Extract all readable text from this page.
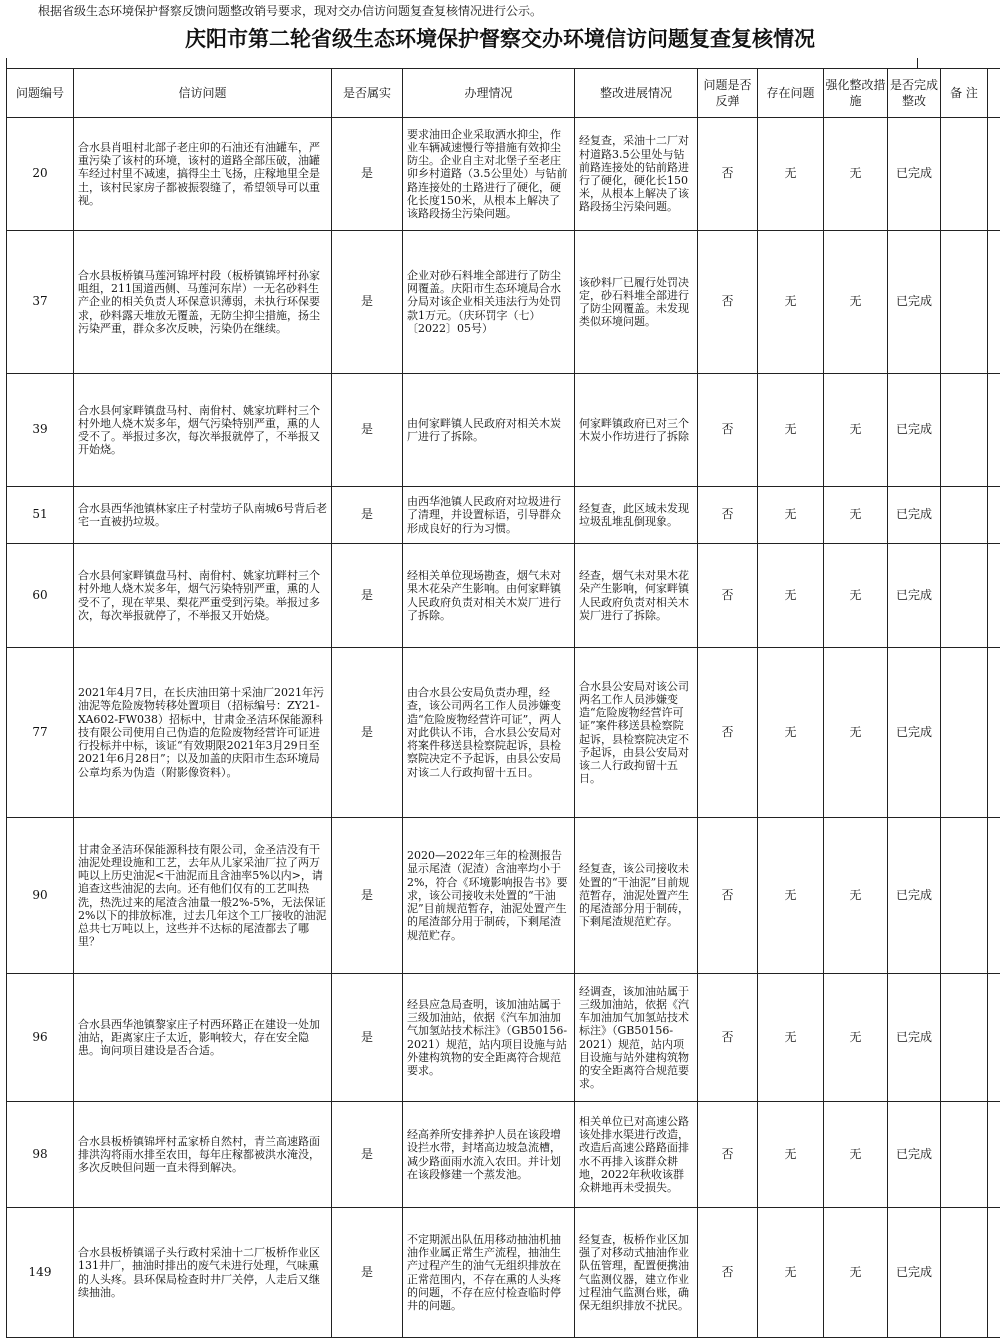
根据省级生态环境保护督察反馈问题整改销号要求，现对交办信访问题复查复核情况进行公示。
庆阳市第二轮省级生态环境保护督察交办环境信访问题复查复核情况
问题编号	信访问题	是否属实	办理情况	整改进展情况	问题是否反弹	存在问题	强化整改措施	是否完成整改	备 注	
20	合水县肖咀村北部子老庄卯的石油还有油罐车，严重污染了该村的环境，该村的道路全部压破，油罐车经过村里不减速，搞得尘土飞扬，庄稼地里全是土，该村民家房子都被振裂缝了，希望领导可以重视。	是	要求油田企业采取洒水抑尘，作业车辆减速慢行等措施有效抑尘防尘。企业自主对北堡子至老庄卯乡村道路（3.5公里处）与钻前路连接处的土路进行了硬化，硬化长度150米，从根本上解决了该路段扬尘污染问题。	经复查，采油十二厂对村道路3.5公里处与钻前路连接处的钻前路进行了硬化，硬化长150米，从根本上解决了该路段扬尘污染问题。	否	无	无	已完成		
37	合水县板桥镇马莲河锦坪村段（板桥镇锦坪村孙家咀组，211国道西侧、马莲河东岸）一无名砂料生产企业的相关负责人环保意识薄弱，未执行环保要求，砂料露天堆放无覆盖，无防尘抑尘措施，扬尘污染严重，群众多次反映，污染仍在继续。	是	企业对砂石料堆全部进行了防尘网覆盖。庆阳市生态环境局合水分局对该企业相关违法行为处罚款1万元。（庆环罚字（七）〔2022〕05号）	该砂料厂已履行处罚决定，砂石料堆全部进行了防尘网覆盖。未发现类似环境问题。	否	无	无	已完成		
39	合水县何家畔镇盘马村、南佾村、姚家坑畔村三个村外地人烧木炭多年，烟气污染特别严重，熏的人受不了。举报过多次，每次举报就停了，不举报又开始烧。	是	由何家畔镇人民政府对相关木炭厂进行了拆除。	何家畔镇政府已对三个木炭小作坊进行了拆除	否	无	无	已完成		
51	合水县西华池镇林家庄子村莹坊子队南城6号背后老宅一直被扔垃圾。	是	由西华池镇人民政府对垃圾进行了清理，并设置标语，引导群众形成良好的行为习惯。	经复查，此区域未发现垃圾乱堆乱倒现象。	否	无	无	已完成		
60	合水县何家畔镇盘马村、南佾村、姚家坑畔村三个村外地人烧木炭多年，烟气污染特别严重，熏的人受不了，现在苹果、梨花严重受到污染。举报过多次，每次举报就停了，不举报又开始烧。	是	经相关单位现场勘查，烟气未对果木花朵产生影响。由何家畔镇人民政府负责对相关木炭厂进行了拆除。	经查，烟气未对果木花朵产生影响，何家畔镇人民政府负责对相关木炭厂进行了拆除。	否	无	无	已完成		
77	2021年4月7日，在长庆油田第十采油厂2021年污油泥等危险废物转移处置项目（招标编号：ZY21-XA602-FW038）招标中，甘肃金圣洁环保能源科技有限公司使用自己伪造的危险废物经营许可证进行投标并中标，该证“有效期限2021年3月29日至2021年6月28日”；以及加盖的庆阳市生态环境局公章均系为伪造（附影像资料）。	是	由合水县公安局负责办理，经查，该公司两名工作人员涉嫌变造“危险废物经营许可证”，两人对此供认不讳，合水县公安局对将案件移送县检察院起诉，县检察院决定不予起诉，由县公安局对该二人行政拘留十五日。	合水县公安局对该公司两名工作人员涉嫌变造“危险废物经营许可证”案件移送县检察院起诉，县检察院决定不予起诉，由县公安局对该二人行政拘留十五日。	否	无	无	已完成		
90	甘肃金圣洁环保能源科技有限公司，金圣洁没有干油泥处理设施和工艺，去年从儿家采油厂拉了两万吨以上历史油泥<干油泥而且含油率5%以内>，请追查这些油泥的去向。还有他们仅有的工艺叫热洗，热洗过来的尾渣含油量一般2%-5%，无法保证2%以下的排放标准，过去几年这个工厂接收的油泥总共七万吨以上，这些并不达标的尾渣都去了哪里？	是	2020—2022年三年的检测报告显示尾渣（泥渣）含油率均小于2%，符合《环境影响报告书》要求，该公司接收未处置的“干油泥”目前规范暂存，油泥处置产生的尾渣部分用于制砖，下剩尾渣规范贮存。	经复查，该公司接收未处置的“干油泥”目前规范暂存，油泥处置产生的尾渣部分用于制砖，下剩尾渣规范贮存。	否	无	无	已完成		
96	合水县西华池镇黎家庄子村西环路正在建设一处加油站，距离家庄子太近，影响较大，存在安全隐患。询问项目建设是否合适。	是	经县应急局查明，该加油站属于三级加油站，依据《汽车加油加气加氢站技术标注》（GB50156-2021）规范，站内项目设施与站外建构筑物的安全距离符合规范要求。	经调查，该加油站属于三级加油站，依据《汽车加油加气加氢站技术标注》（GB50156-2021）规范，站内项目设施与站外建构筑物的安全距离符合规范要求。	否	无	无	已完成		
98	合水县板桥镇锦坪村孟家桥自然村，青兰高速路面排洪沟将雨水排至农田，每年庄稼都被洪水淹没，多次反映但问题一直未得到解决。	是	经高养所安排养护人员在该段增设拦水带，封堵高边坡急流槽，减少路面雨水流入农田。并计划在该段修建一个蒸发池。	相关单位已对高速公路该处排水渠进行改造，改造后高速公路路面排水不再排入该群众耕地，2022年秋收该群众耕地再未受损失。	否	无	无	已完成		
149	合水县板桥镇谣子头行政村采油十二厂板桥作业区131井厂，抽油时排出的废气未进行处理，气味熏的人头疼。县环保局检查时井厂关停，人走后又继续抽油。	是	不定期派出队伍用移动抽油机抽油作业属正常生产流程，抽油生产过程产生的油气无组织排放在正常范围内，不存在熏的人头疼的问题，不存在应付检查临时停井的问题。	经复查，板桥作业区加强了对移动式抽油作业队伍管理，配置便携油气监测仪器，建立作业过程油气监测台账，确保无组织排放不扰民。	否	无	无	已完成		
